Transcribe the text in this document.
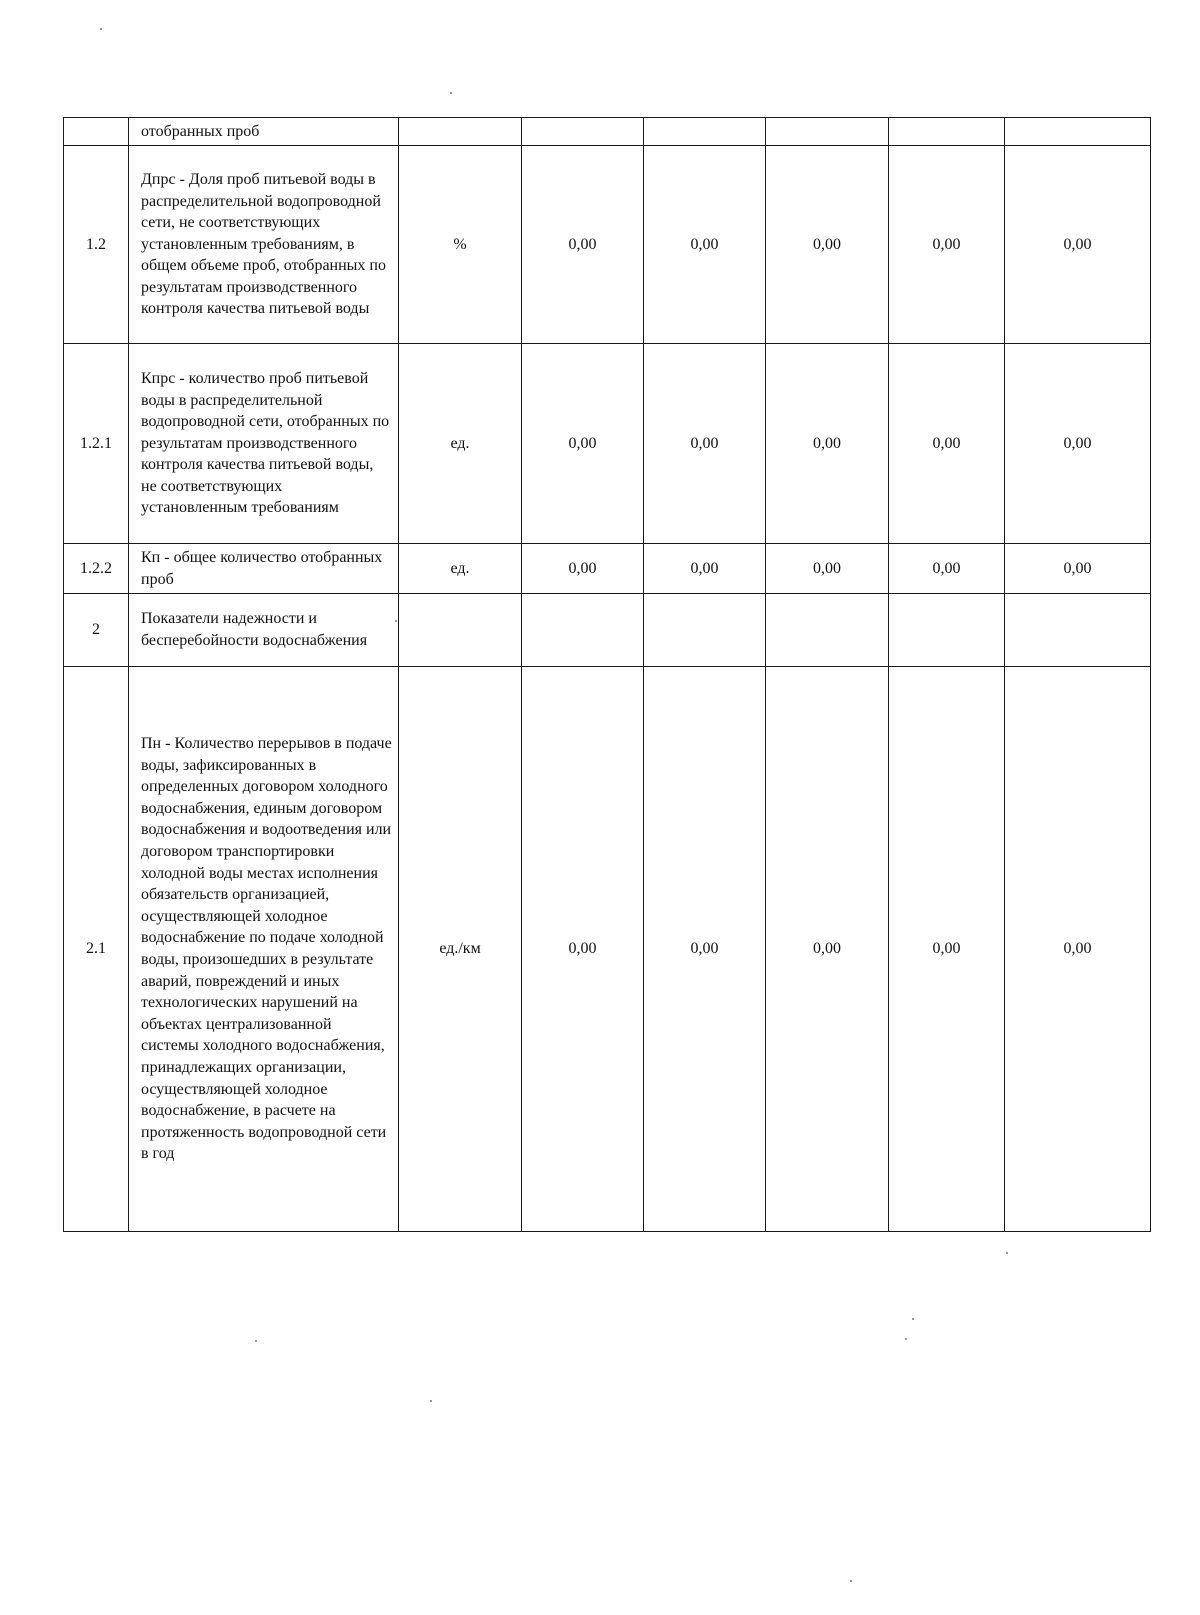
	отобранных проб						
1.2	Дпрс - Доля проб питьевой воды в распределительной водопроводной сети, не соответствующих установленным требованиям, в общем объеме проб, отобранных по результатам производственного контроля качества питьевой воды	%	0,00	0,00	0,00	0,00	0,00
1.2.1	Кпрс - количество проб питьевой воды в распределительной водопроводной сети, отобранных по результатам производственного контроля качества питьевой воды, не соответствующих установленным требованиям	ед.	0,00	0,00	0,00	0,00	0,00
1.2.2	Кп - общее количество отобранных проб	ед.	0,00	0,00	0,00	0,00	0,00
2	Показатели надежности и бесперебойности водоснабжения						
2.1	Пн - Количество перерывов в подаче воды, зафиксированных в определенных договором холодного водоснабжения, единым договором водоснабжения и водоотведения или договором транспортировки холодной воды местах исполнения обязательств организацией, осуществляющей холодное водоснабжение по подаче холодной воды, произошедших в результате аварий, повреждений и иных технологических нарушений на объектах централизованной системы холодного водоснабжения, принадлежащих организации, осуществляющей холодное водоснабжение, в расчете на протяженность водопроводной сети в год	ед./км	0,00	0,00	0,00	0,00	0,00
